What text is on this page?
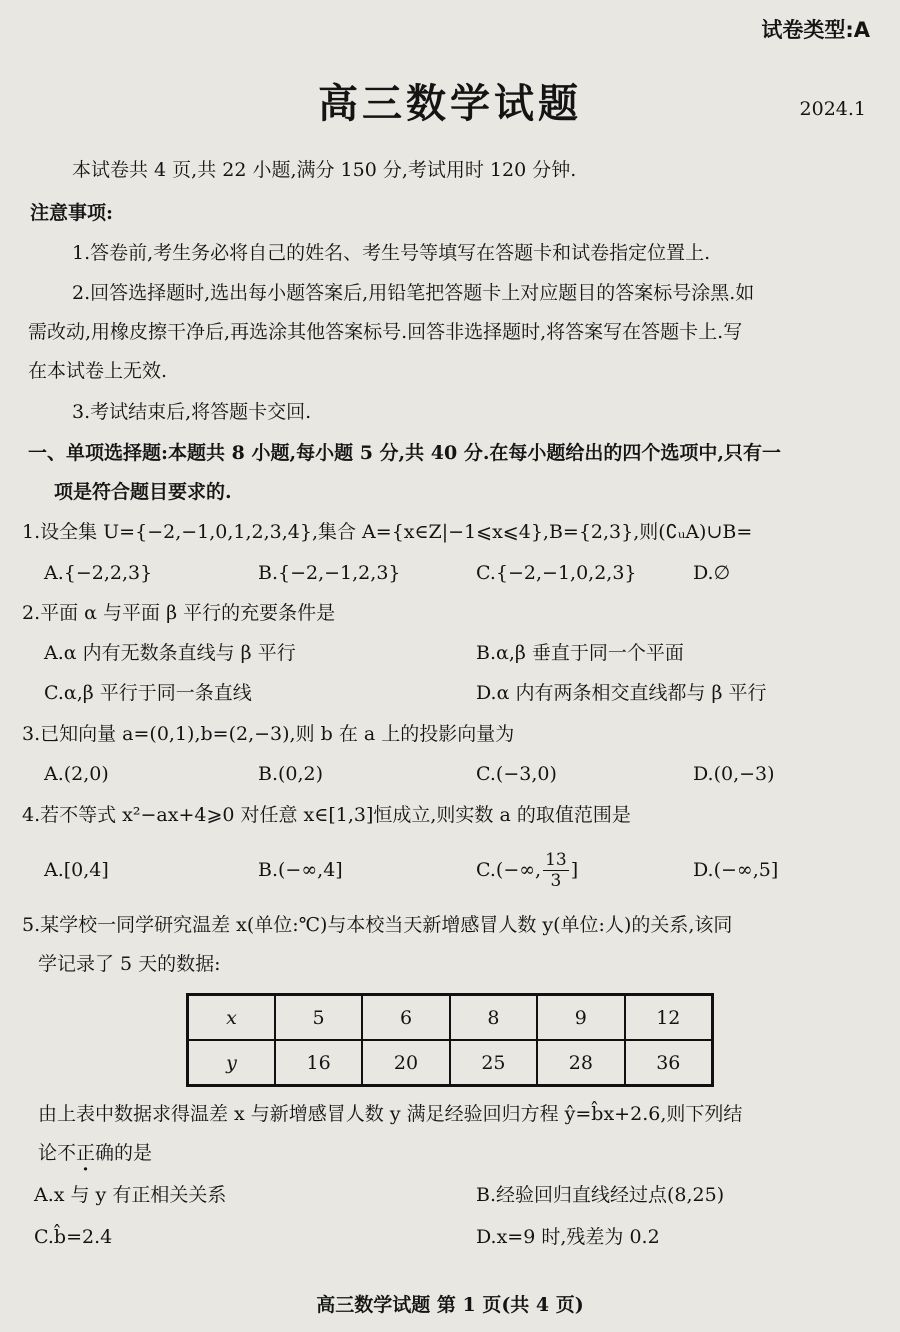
试卷类型:A
高三数学试题	2024.1
本试卷共 4 页,共 22 小题,满分 150 分,考试用时 120 分钟.
注意事项:
1.答卷前,考生务必将自己的姓名、考生号等填写在答题卡和试卷指定位置上.
2.回答选择题时,选出每小题答案后,用铅笔把答题卡上对应题目的答案标号涂黑.如
需改动,用橡皮擦干净后,再选涂其他答案标号.回答非选择题时,将答案写在答题卡上.写
在本试卷上无效.
3.考试结束后,将答题卡交回.
一、单项选择题:本题共 8 小题,每小题 5 分,共 40 分.在每小题给出的四个选项中,只有一
项是符合题目要求的.
1.设全集 U={−2,−1,0,1,2,3,4},集合 A={x∈Z|−1⩽x⩽4},B={2,3},则(∁ᵤA)∪B=
A.{−2,2,3}	B.{−2,−1,2,3}	C.{−2,−1,0,2,3}	D.∅
2.平面 α 与平面 β 平行的充要条件是
A.α 内有无数条直线与 β 平行	B.α,β 垂直于同一个平面
C.α,β 平行于同一条直线	D.α 内有两条相交直线都与 β 平行
3.已知向量 a=(0,1),b=(2,−3),则 b 在 a 上的投影向量为
A.(2,0)	B.(0,2)	C.(−3,0)	D.(0,−3)
4.若不等式 x²−ax+4⩾0 对任意 x∈[1,3]恒成立,则实数 a 的取值范围是
A.[0,4]	B.(−∞,4]	C.(−∞, $\frac{13}{3}$ ]	D.(−∞,5]
5.某学校一同学研究温差 x(单位:℃)与本校当天新增感冒人数 y(单位:人)的关系,该同
学记录了 5 天的数据:
x	5	6	8	9	12
y	16	20	25	28	36
由上表中数据求得温差 x 与新增感冒人数 y 满足经验回归方程 ŷ=b̂x+2.6,则下列结
论不正确的是
A.x 与 y 有正相关关系	B.经验回归直线经过点(8,25)
C.b̂=2.4	D.x=9 时,残差为 0.2
高三数学试题 第 1 页(共 4 页)
